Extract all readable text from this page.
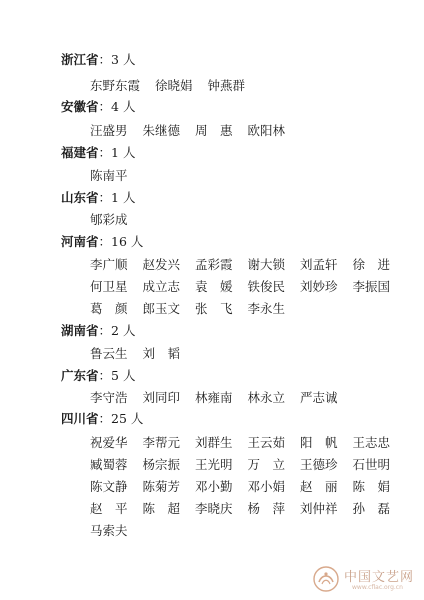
浙江省：3 人
东野东霞 徐晓娟 钟燕群
安徽省：4 人
汪盛男 朱继德 周　惠 欧阳林
福建省：1 人
陈南平
山东省：1 人
郇彩成
河南省：16 人
李广顺 赵发兴 孟彩霞 谢大锁 刘孟轩 徐　进
何卫星 成立志 袁　媛 铁俊民 刘妙珍 李振国
葛　颜 郎玉文 张　飞 李永生
湖南省：2 人
鲁云生 刘　韬
广东省：5 人
李守浩 刘同印 林雍南 林永立 严志诚
四川省：25 人
祝爱华 李帮元 刘群生 王云茹 阳　帆 王志忠
臧蜀蓉 杨宗振 王光明 万　立 王德珍 石世明
陈文静 陈菊芳 邓小勤 邓小娟 赵　丽 陈　娟
赵　平 陈　超 李晓庆 杨　萍 刘仲祥 孙　磊
马索夫
中国文艺网
www.cflac.org.cn
